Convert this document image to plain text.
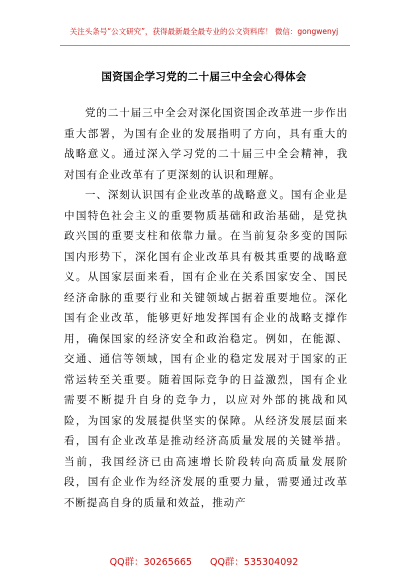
关注头条号“公文研究”，获得最新最全最专业的公文资料库！ 微信：gongwenyj
国资国企学习党的二十届三中全会心得体会

党的二十届三中全会对深化国资国企改革进一步作出重大部署，为国有企业的发展指明了方向，具有重大的战略意义。通过深入学习党的二十届三中全会精神，我对国有企业改革有了更深刻的认识和理解。

一、深刻认识国有企业改革的战略意义。国有企业是中国特色社会主义的重要物质基础和政治基础，是党执政兴国的重要支柱和依靠力量。在当前复杂多变的国际国内形势下，深化国有企业改革具有极其重要的战略意义。从国家层面来看，国有企业在关系国家安全、国民经济命脉的重要行业和关键领域占据着重要地位。深化国有企业改革，能够更好地发挥国有企业的战略支撑作用，确保国家的经济安全和政治稳定。例如，在能源、交通、通信等领域，国有企业的稳定发展对于国家的正常运转至关重要。随着国际竞争的日益激烈，国有企业需要不断提升自身的竞争力，以应对外部的挑战和风险，为国家的发展提供坚实的保障。从经济发展层面来看，国有企业改革是推动经济高质量发展的关键举措。当前，我国经济已由高速增长阶段转向高质量发展阶段，国有企业作为经济发展的重要力量，需要通过改革不断提高自身的质量和效益，推动产

QQ群：30265665 QQ群：535304092
